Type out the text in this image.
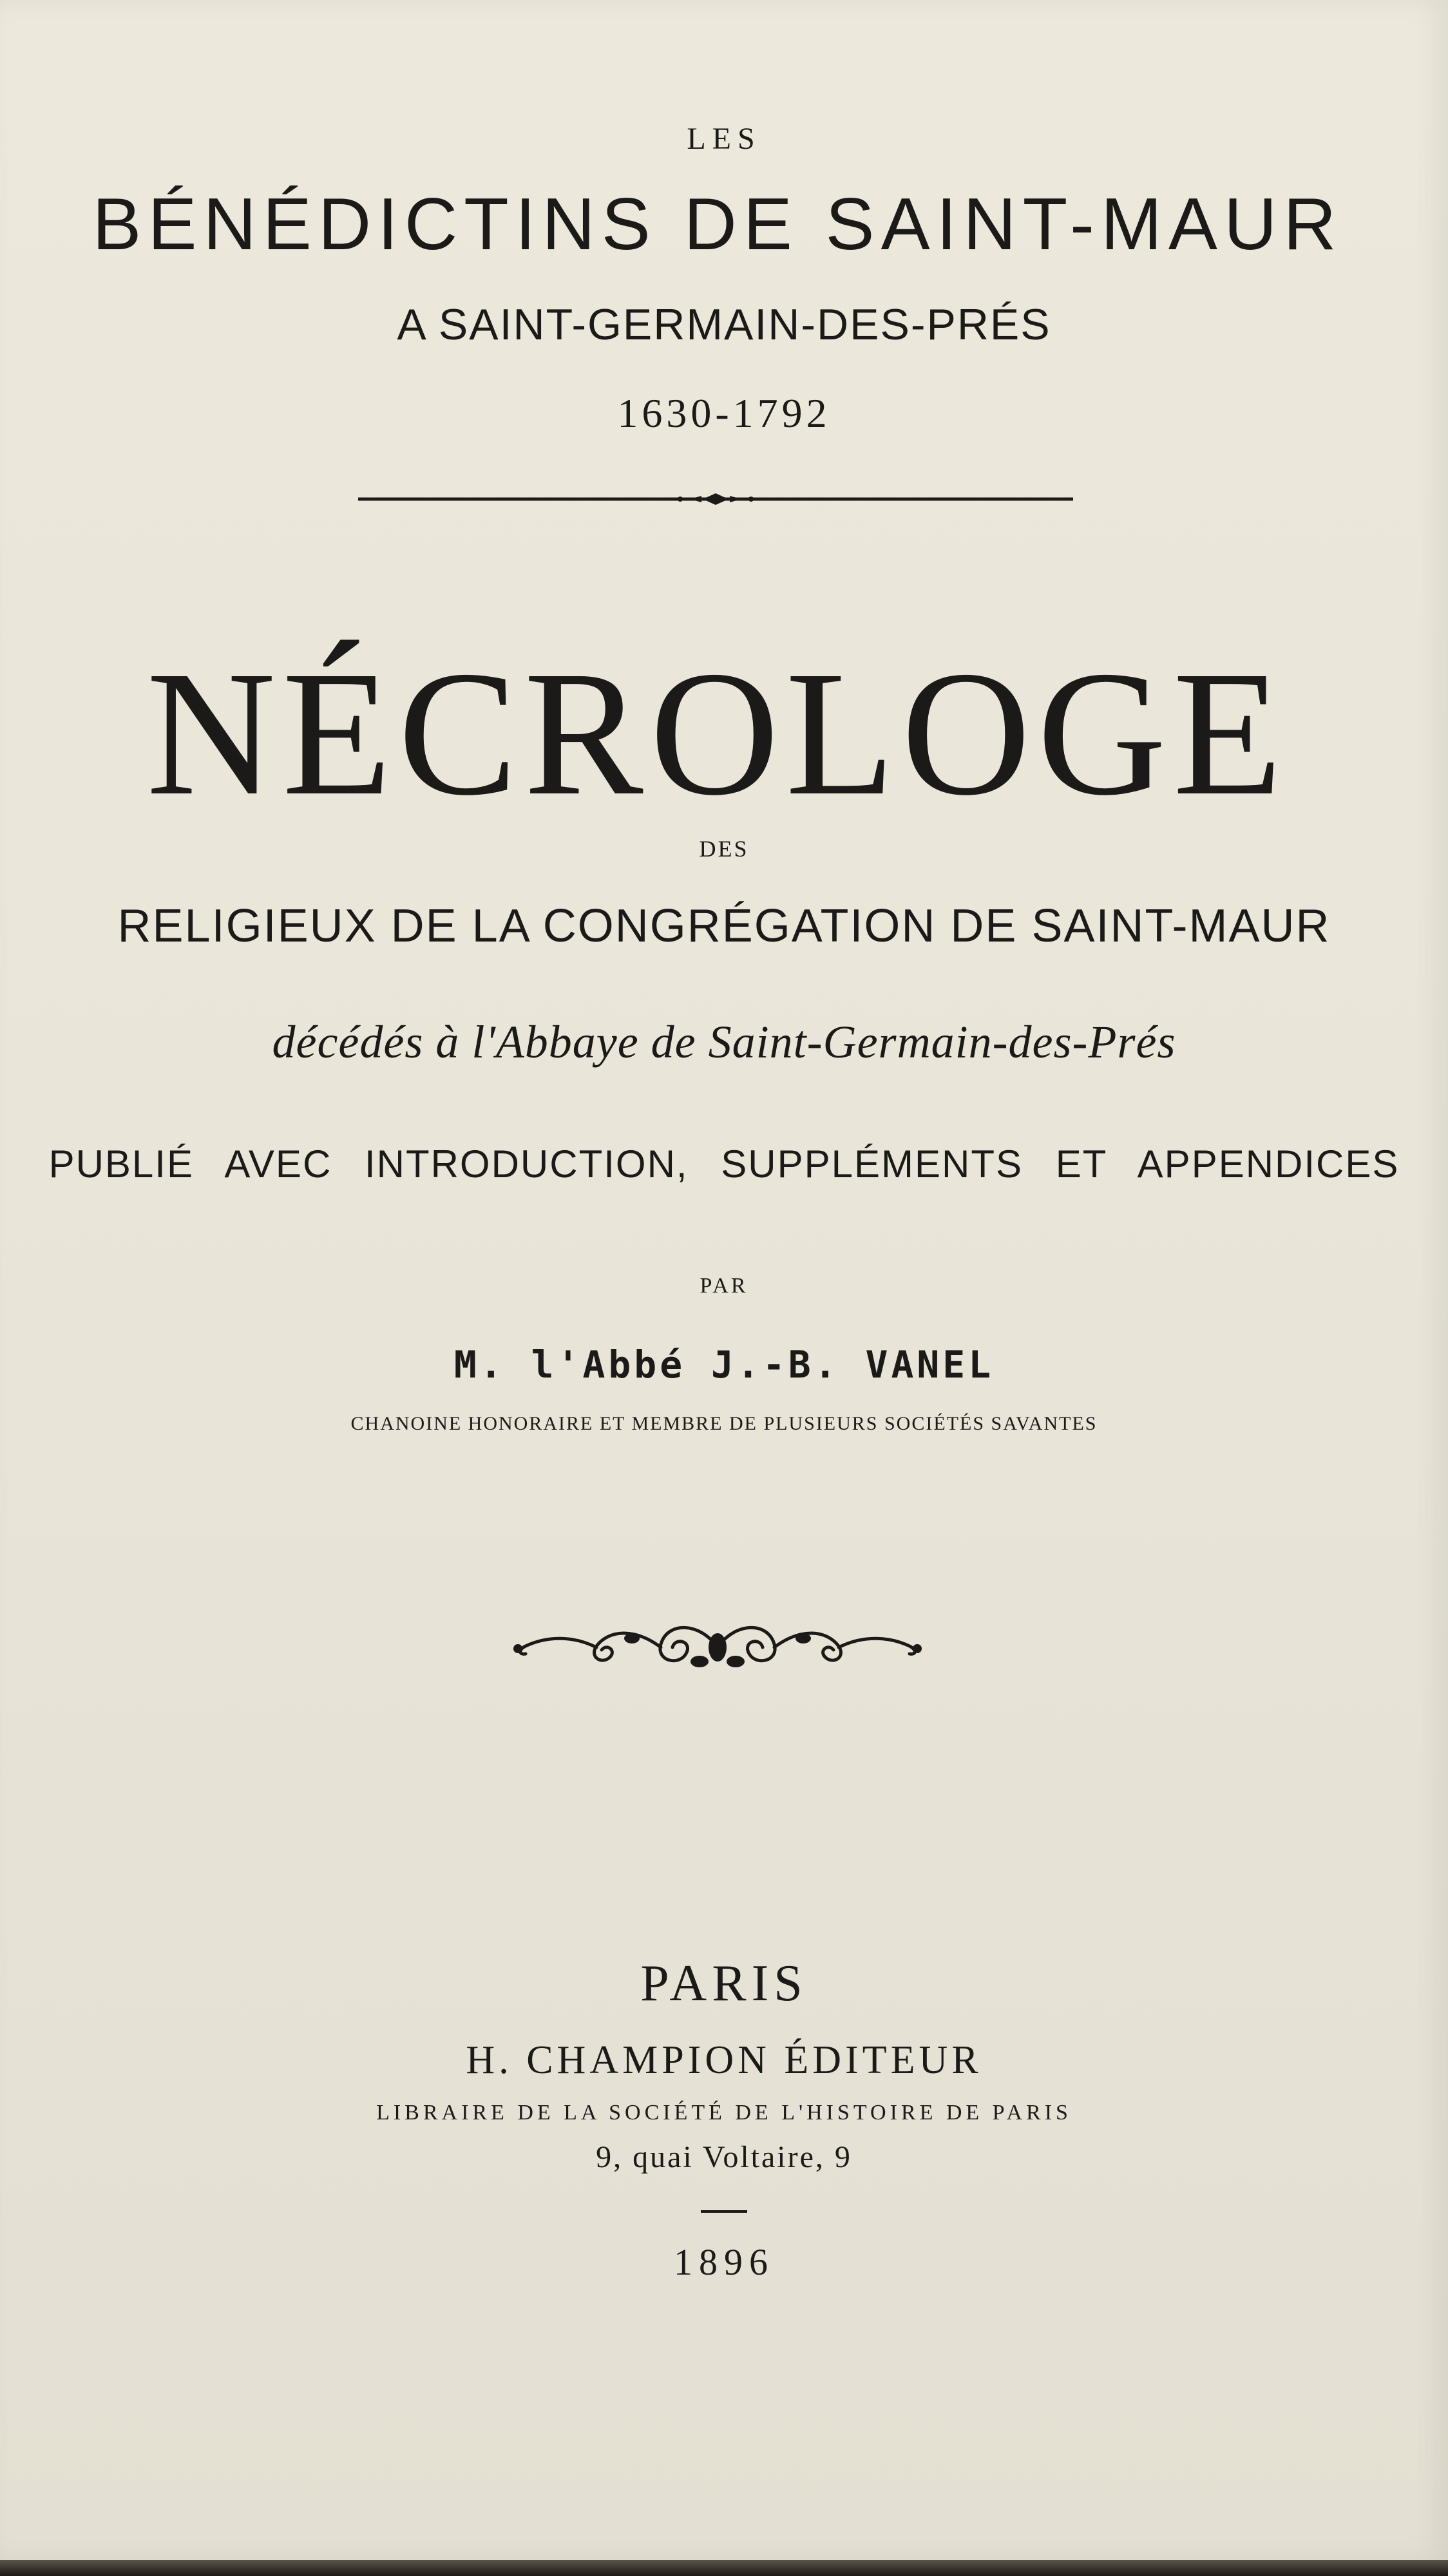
LES
BÉNÉDICTINS DE SAINT-MAUR
A SAINT-GERMAIN-DES-PRÉS
1630-1792
NÉCROLOGE
DES
RELIGIEUX DE LA CONGRÉGATION DE SAINT-MAUR
décédés à l'Abbaye de Saint-Germain-des-Prés
PUBLIÉ AVEC INTRODUCTION, SUPPLÉMENTS ET APPENDICES
PAR
M. l'Abbé J.-B. VANEL
CHANOINE HONORAIRE ET MEMBRE DE PLUSIEURS SOCIÉTÉS SAVANTES
PARIS
H. CHAMPION ÉDITEUR
LIBRAIRE DE LA SOCIÉTÉ DE L'HISTOIRE DE PARIS
9, quai Voltaire, 9
1896
